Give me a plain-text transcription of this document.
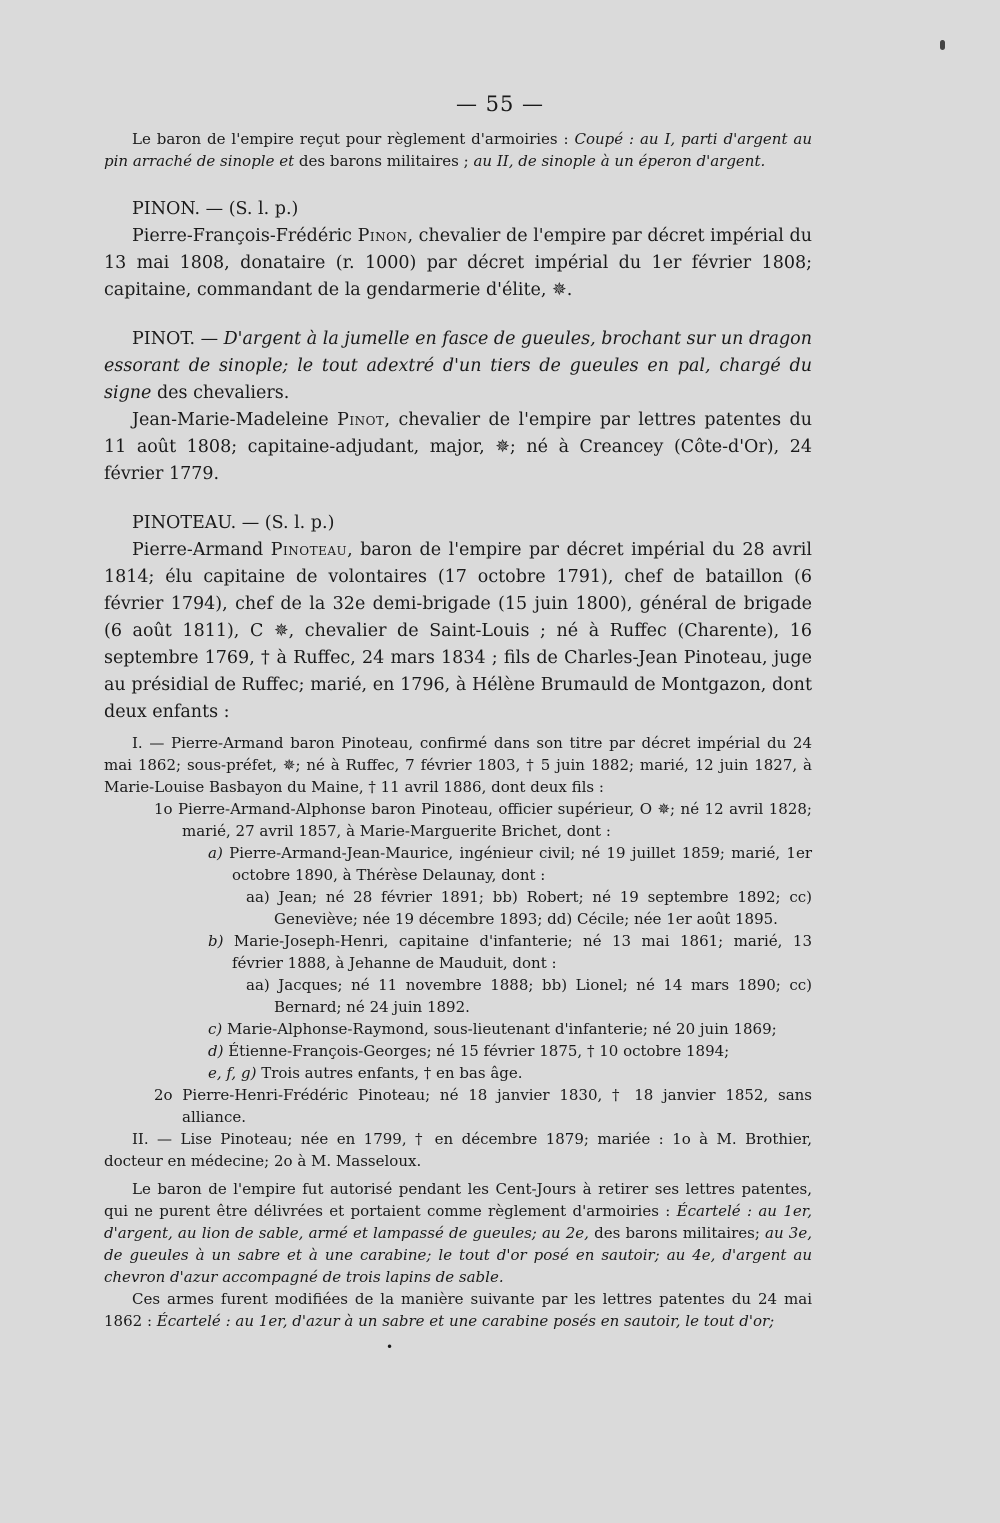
— 55 —

Le baron de l'empire reçut pour règlement d'armoiries : Coupé : au I, parti d'argent au pin arraché de sinople et des barons militaires ; au II, de sinople à un éperon d'argent.

PINON. — (S. l. p.)

Pierre-François-Frédéric Pinon, chevalier de l'empire par décret impérial du 13 mai 1808, donataire (r. 1000) par décret impérial du 1er février 1808; capitaine, commandant de la gendarmerie d'élite, ✵.

PINOT. — D'argent à la jumelle en fasce de gueules, brochant sur un dragon essorant de sinople; le tout adextré d'un tiers de gueules en pal, chargé du signe des chevaliers.

Jean-Marie-Madeleine Pinot, chevalier de l'empire par lettres patentes du 11 août 1808; capitaine-adjudant, major, ✵; né à Creancey (Côte-d'Or), 24 février 1779.

PINOTEAU. — (S. l. p.)

Pierre-Armand Pinoteau, baron de l'empire par décret impérial du 28 avril 1814; élu capitaine de volontaires (17 octobre 1791), chef de bataillon (6 février 1794), chef de la 32e demi-brigade (15 juin 1800), général de brigade (6 août 1811), C ✵, chevalier de Saint-Louis ; né à Ruffec (Charente), 16 septembre 1769, † à Ruffec, 24 mars 1834 ; fils de Charles-Jean Pinoteau, juge au présidial de Ruffec; marié, en 1796, à Hélène Brumauld de Montgazon, dont deux enfants :

I. — Pierre-Armand baron Pinoteau, confirmé dans son titre par décret impérial du 24 mai 1862; sous-préfet, ✵; né à Ruffec, 7 février 1803, † 5 juin 1882; marié, 12 juin 1827, à Marie-Louise Basbayon du Maine, † 11 avril 1886, dont deux fils :

1o Pierre-Armand-Alphonse baron Pinoteau, officier supérieur, O ✵; né 12 avril 1828; marié, 27 avril 1857, à Marie-Marguerite Brichet, dont :

a) Pierre-Armand-Jean-Maurice, ingénieur civil; né 19 juillet 1859; marié, 1er octobre 1890, à Thérèse Delaunay, dont :

aa) Jean; né 28 février 1891; bb) Robert; né 19 septembre 1892; cc) Geneviève; née 19 décembre 1893; dd) Cécile; née 1er août 1895.

b) Marie-Joseph-Henri, capitaine d'infanterie; né 13 mai 1861; marié, 13 février 1888, à Jehanne de Mauduit, dont :

aa) Jacques; né 11 novembre 1888; bb) Lionel; né 14 mars 1890; cc) Bernard; né 24 juin 1892.

c) Marie-Alphonse-Raymond, sous-lieutenant d'infanterie; né 20 juin 1869;

d) Étienne-François-Georges; né 15 février 1875, † 10 octobre 1894;

e, f, g) Trois autres enfants, † en bas âge.

2o Pierre-Henri-Frédéric Pinoteau; né 18 janvier 1830, † 18 janvier 1852, sans alliance.

II. — Lise Pinoteau; née en 1799, † en décembre 1879; mariée : 1o à M. Brothier, docteur en médecine; 2o à M. Masseloux.

Le baron de l'empire fut autorisé pendant les Cent-Jours à retirer ses lettres patentes, qui ne purent être délivrées et portaient comme règlement d'armoiries : Écartelé : au 1er, d'argent, au lion de sable, armé et lampassé de gueules; au 2e, des barons militaires; au 3e, de gueules à un sabre et à une carabine; le tout d'or posé en sautoir; au 4e, d'argent au chevron d'azur accompagné de trois lapins de sable.

Ces armes furent modifiées de la manière suivante par les lettres patentes du 24 mai 1862 : Écartelé : au 1er, d'azur à un sabre et une carabine posés en sautoir, le tout d'or;

•
